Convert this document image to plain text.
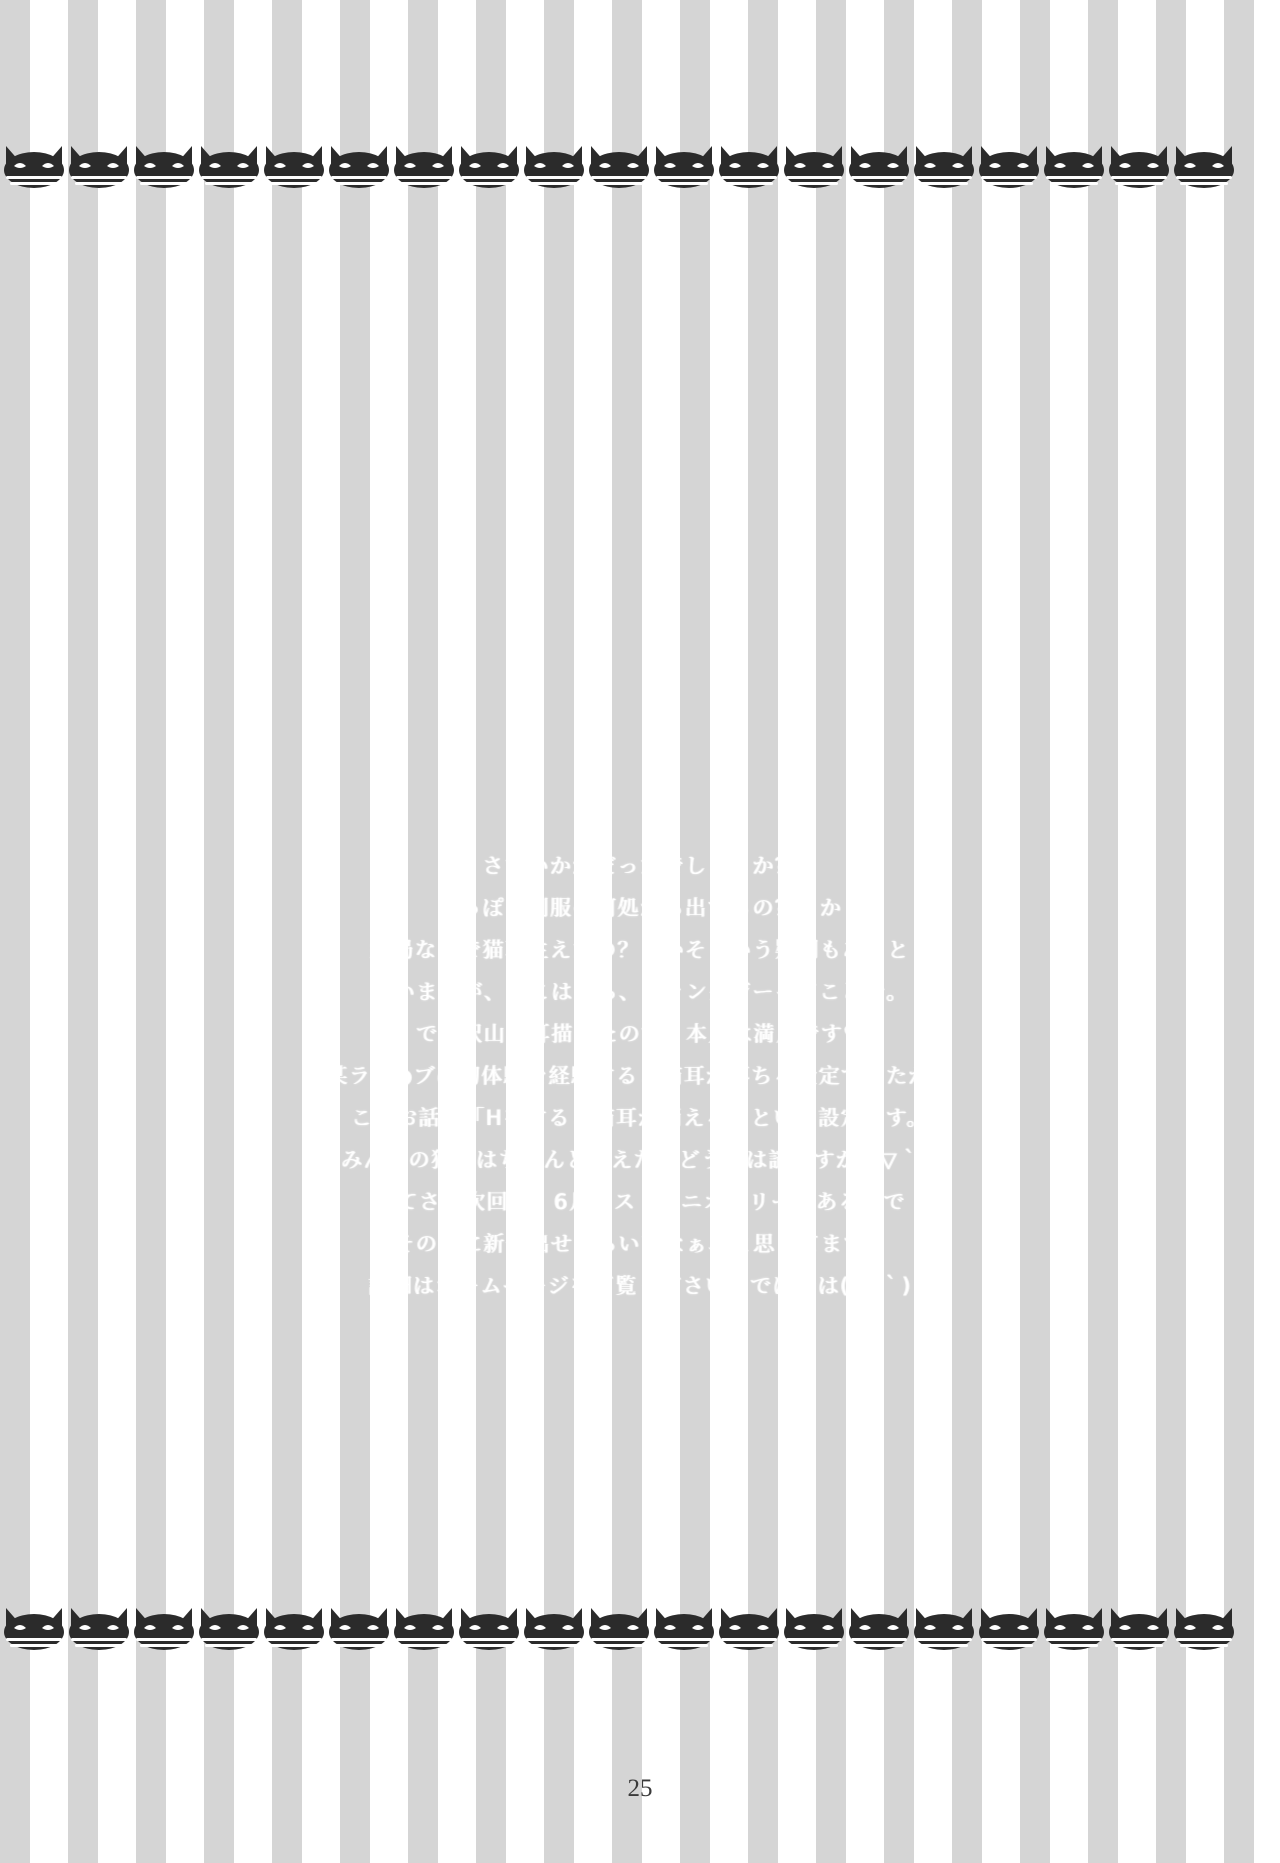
さていかがだったでしょうか？
しっぽは制服の何処から出てるの？とか
結局なんで猫耳生えたの？とかそういう疑問もあると
思いますが、そこはほら、ファンタジーってことで。
でも沢山猫耳描けたので、本人は満足です♥
某ラブ●ブは初体験を経験すると猫耳が落ちる設定でしたが、
このお話は「Hをすると猫耳が消える」という設定です。
みんなの猫耳はちゃんと消えたかどうかは謎ですが(´▽｀;)
さてさて次回は、6月にストパニオンリーがあるので
その時に新刊出せたらいいなぁ、と思ってます。
詳細はホームページをご覧ください。ではでは(´▽｀)
25
